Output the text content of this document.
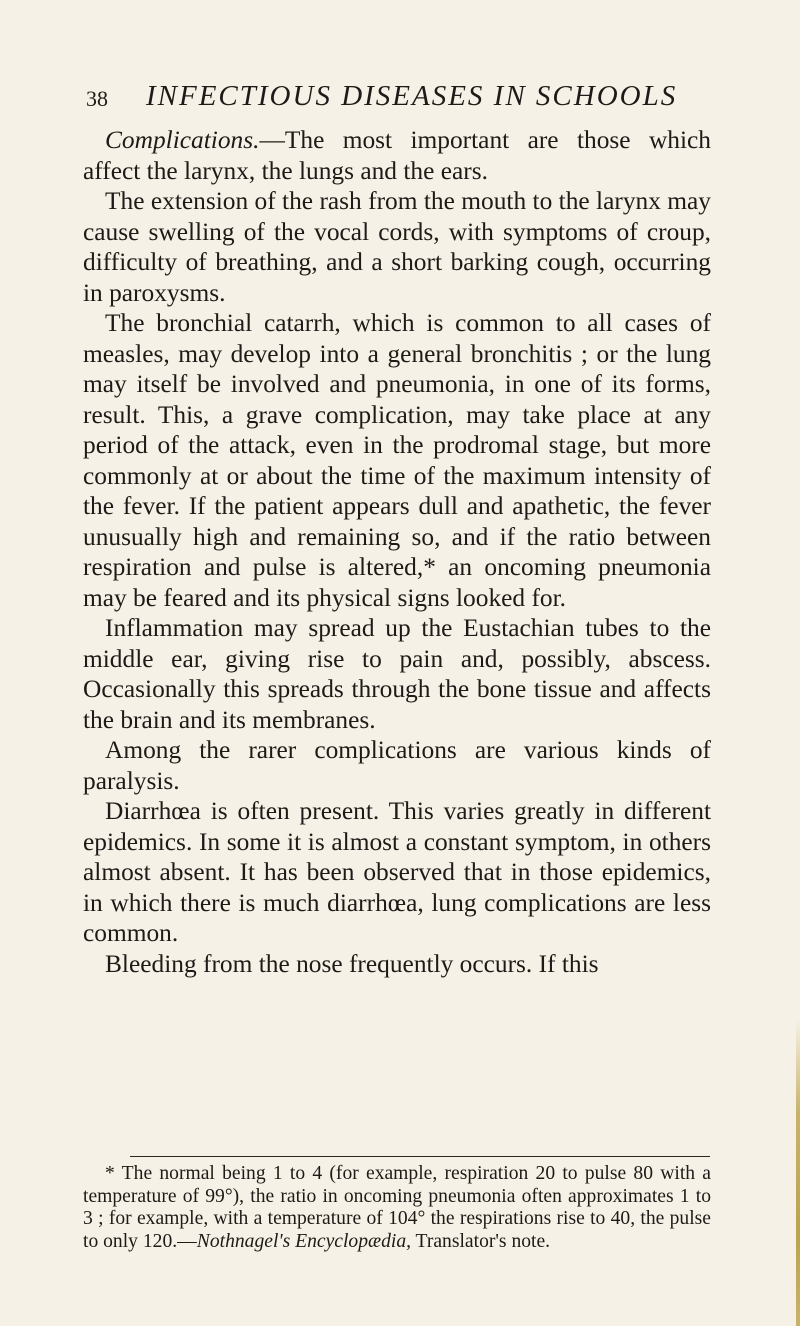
38 INFECTIOUS DISEASES IN SCHOOLS

Complications.—The most important are those which affect the larynx, the lungs and the ears.

The extension of the rash from the mouth to the larynx may cause swelling of the vocal cords, with symptoms of croup, difficulty of breathing, and a short barking cough, occurring in paroxysms.

The bronchial catarrh, which is common to all cases of measles, may develop into a general bronchitis ; or the lung may itself be involved and pneumonia, in one of its forms, result. This, a grave complication, may take place at any period of the attack, even in the prodromal stage, but more commonly at or about the time of the maximum intensity of the fever. If the patient appears dull and apathetic, the fever unusually high and remaining so, and if the ratio between respiration and pulse is altered,* an oncoming pneumonia may be feared and its physical signs looked for.

Inflammation may spread up the Eustachian tubes to the middle ear, giving rise to pain and, possibly, abscess. Occasionally this spreads through the bone tissue and affects the brain and its membranes.

Among the rarer complications are various kinds of paralysis.

Diarrhœa is often present. This varies greatly in different epidemics. In some it is almost a constant symptom, in others almost absent. It has been observed that in those epidemics, in which there is much diarrhœa, lung complications are less common.

Bleeding from the nose frequently occurs. If this

* The normal being 1 to 4 (for example, respiration 20 to pulse 80 with a temperature of 99°), the ratio in oncoming pneumonia often approximates 1 to 3 ; for example, with a temperature of 104° the respirations rise to 40, the pulse to only 120.—Nothnagel's Encyclopædia, Translator's note.
